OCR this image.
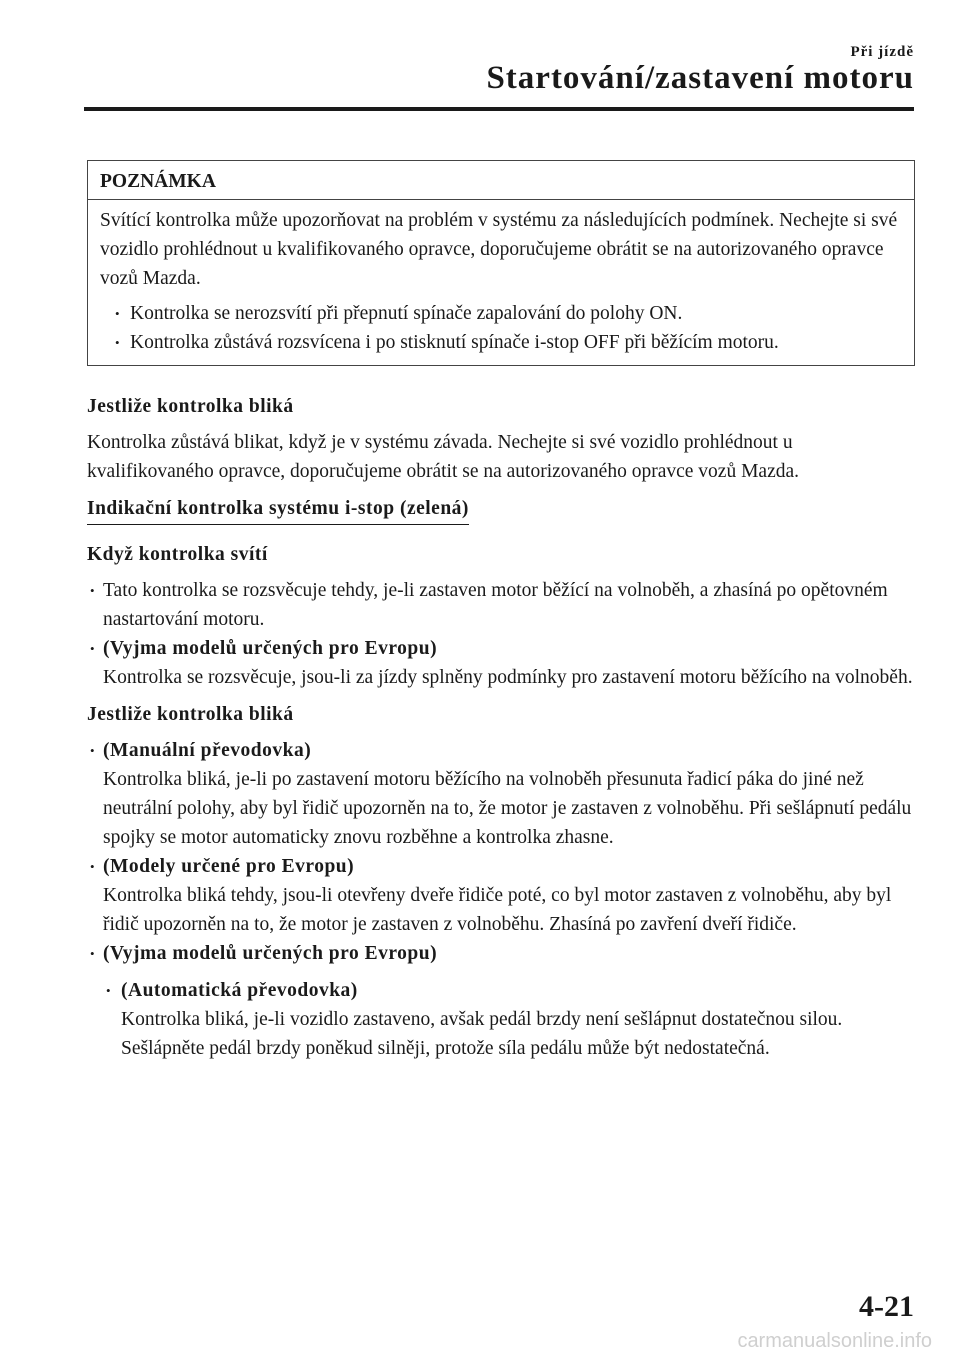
Při jízdě
Startování/zastavení motoru
POZNÁMKA

Svítící kontrolka může upozorňovat na problém v systému za následujících podmínek. Nechejte si své vozidlo prohlédnout u kvalifikovaného opravce, doporučujeme obrátit se na autorizovaného opravce vozů Mazda.

• Kontrolka se nerozsvítí při přepnutí spínače zapalování do polohy ON.
• Kontrolka zůstává rozsvícena i po stisknutí spínače i-stop OFF při běžícím motoru.
Jestliže kontrolka bliká

Kontrolka zůstává blikat, když je v systému závada. Nechejte si své vozidlo prohlédnout u kvalifikovaného opravce, doporučujeme obrátit se na autorizovaného opravce vozů Mazda.

Indikační kontrolka systému i-stop (zelená)
Když kontrolka svítí
• Tato kontrolka se rozsvěcuje tehdy, je-li zastaven motor běžící na volnoběh, a zhasíná po opětovném nastartování motoru.
• (Vyjma modelů určených pro Evropu)
Kontrolka se rozsvěcuje, jsou-li za jízdy splněny podmínky pro zastavení motoru běžícího na volnoběh.
Jestliže kontrolka bliká
• (Manuální převodovka)
Kontrolka bliká, je-li po zastavení motoru běžícího na volnoběh přesunuta řadicí páka do jiné než neutrální polohy, aby byl řidič upozorněn na to, že motor je zastaven z volnoběhu. Při sešlápnutí pedálu spojky se motor automaticky znovu rozběhne a kontrolka zhasne.
• (Modely určené pro Evropu)
Kontrolka bliká tehdy, jsou-li otevřeny dveře řidiče poté, co byl motor zastaven z volnoběhu, aby byl řidič upozorněn na to, že motor je zastaven z volnoběhu. Zhasíná po zavření dveří řidiče.
• (Vyjma modelů určených pro Evropu)
• (Automatická převodovka)
Kontrolka bliká, je-li vozidlo zastaveno, avšak pedál brzdy není sešlápnut dostatečnou silou. Sešlápněte pedál brzdy poněkud silněji, protože síla pedálu může být nedostatečná.
4-21
carmanualsonline.info
